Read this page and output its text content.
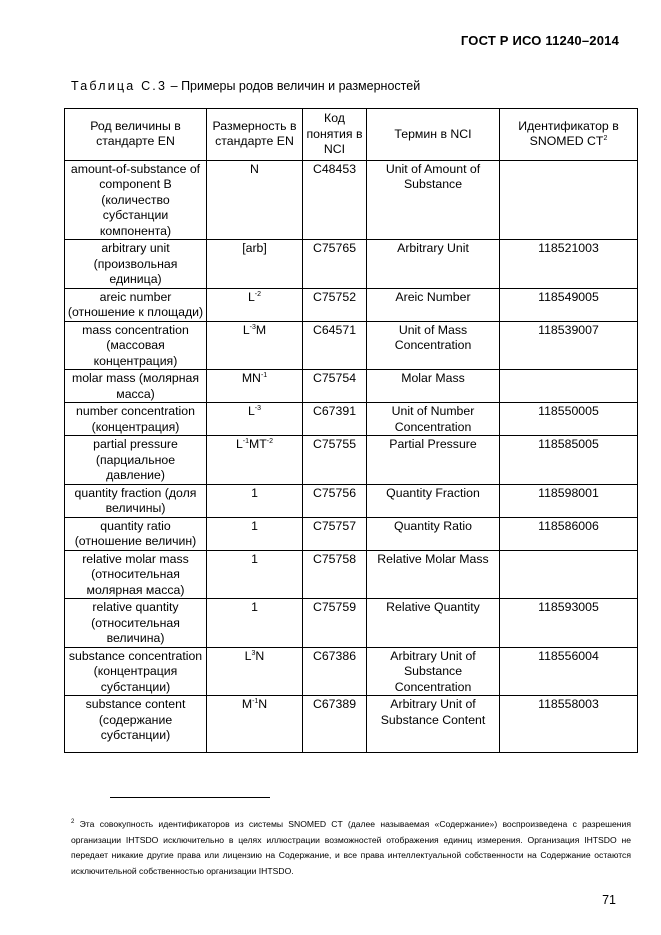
ГОСТ Р ИСО 11240–2014
Таблица С.3 – Примеры родов величин и размерностей
Род величины в стандарте EN	Размерность в стандарте EN	Код понятия в NCI	Термин в NCI	Идентификатор в SNOMED $CT^2$
amount-of-substance of component B (количество субстанции компонента)	N	C48453	Unit of Amount of Substance	
arbitrary unit (произвольная единица)	[arb]	C75765	Arbitrary Unit	118521003
areic number (отношение к площади)	$L^{-2}$	C75752	Areic Number	118549005
mass concentration (массовая концентрация)	$L^{-3}M$	C64571	Unit of Mass Concentration	118539007
molar mass (молярная масса)	$MN^{-1}$	C75754	Molar Mass	
number concentration (концентрация)	$L^{-3}$	C67391	Unit of Number Concentration	118550005
partial pressure (парциальное давление)	$L^{-1}MT^{-2}$	C75755	Partial Pressure	118585005
quantity fraction (доля величины)	1	C75756	Quantity Fraction	118598001
quantity ratio (отношение величин)	1	C75757	Quantity Ratio	118586006
relative molar mass (относительная молярная масса)	1	C75758	Relative Molar Mass	
relative quantity (относительная величина)	1	C75759	Relative Quantity	118593005
substance concentration (концентрация субстанции)	$L^3N$	C67386	Arbitrary Unit of Substance Concentration	118556004
substance content (содержание субстанции)	$M^{-1}N$	C67389	Arbitrary Unit of Substance Content	118558003
$^2$ Эта совокупность идентификаторов из системы SNOMED CT (далее называемая «Содержание») воспроизведена с разрешения организации IHTSDO исключительно в целях иллюстрации возможностей отображения единиц измерения. Организация IHTSDO не передает никакие другие права или лицензию на Содержание, и все права интеллектуальной собственности на Содержание остаются исключительной собственностью организации IHTSDO.
71
